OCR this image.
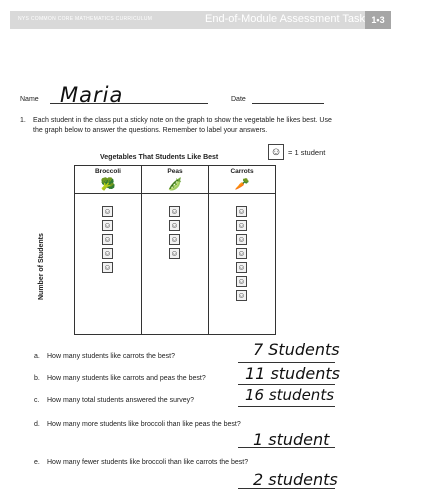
NYS COMMON CORE MATHEMATICS CURRICULUM	End-of-Module Assessment Task 1•3
Name Maria	Date
1. Each student in the class put a sticky note on the graph to show the vegetable he likes best. Use the graph below to answer the questions. Remember to label your answers.
☺ = 1 student
Vegetables That Students Like Best
Number of Students
Broccoli
🥦
☺
☺
☺
☺
☺
Peas
🫛
☺
☺
☺
☺
Carrots
🥕
☺
☺
☺
☺
☺
☺
☺
a. How many students like carrots the best?	7 Students
b. How many students like carrots and peas the best? 11 students
c. How many total students answered the survey?	16 students
d. How many more students like broccoli than like peas the best?
1 student
e. How many fewer students like broccoli than like carrots the best?
2 students
